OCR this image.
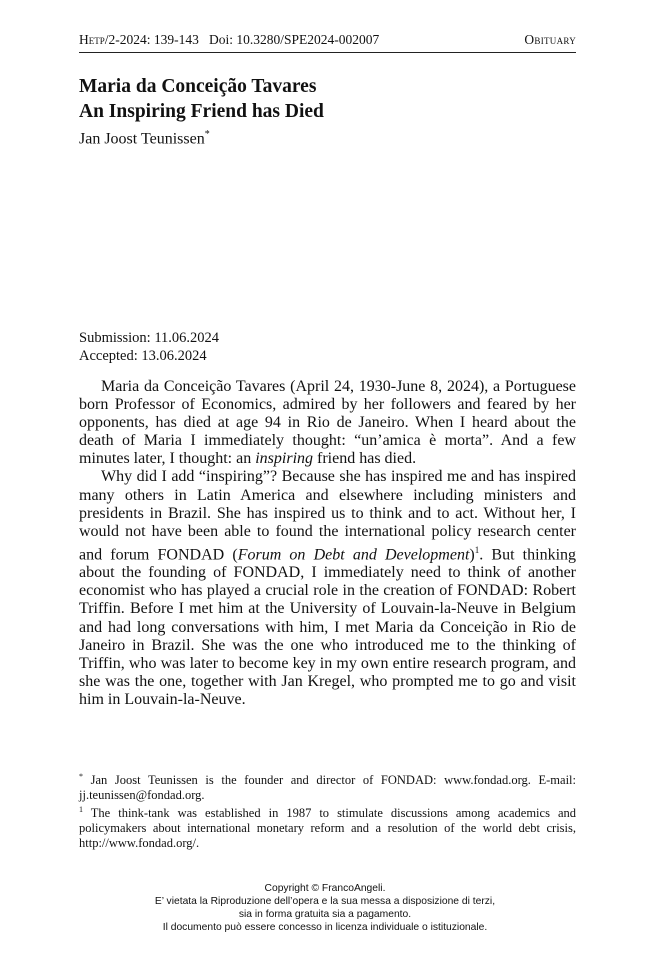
Hetp/2-2024: 139-143   Doi: 10.3280/SPE2024-002007	Obituary
Maria da Conceição Tavares
An Inspiring Friend has Died
Jan Joost Teunissen*
Submission: 11.06.2024
Accepted: 13.06.2024

Maria da Conceição Tavares (April 24, 1930-June 8, 2024), a Portuguese born Professor of Economics, admired by her followers and feared by her opponents, has died at age 94 in Rio de Janeiro. When I heard about the death of Maria I immediately thought: “un’amica è morta”. And a few minutes later, I thought: an inspiring friend has died.

Why did I add “inspiring”? Because she has inspired me and has inspired many others in Latin America and elsewhere including ministers and presidents in Brazil. She has inspired us to think and to act. Without her, I would not have been able to found the international policy research center and forum FONDAD (Forum on Debt and Development)$^1$. But thinking about the founding of FONDAD, I immediately need to think of another economist who has played a crucial role in the creation of FONDAD: Robert Triffin. Before I met him at the University of Louvain-la-Neuve in Belgium and had long conversations with him, I met Maria da Conceição in Rio de Janeiro in Brazil. She was the one who introduced me to the thinking of Triffin, who was later to become key in my own entire research program, and she was the one, together with Jan Kregel, who prompted me to go and visit him in Louvain-la-Neuve.

* Jan Joost Teunissen is the founder and director of FONDAD: www.fondad.org. E-mail: jj.teunissen@fondad.org.

$^1$ The think-tank was established in 1987 to stimulate discussions among academics and policymakers about international monetary reform and a resolution of the world debt crisis, http://www.fondad.org/.

Copyright © FrancoAngeli.
E’ vietata la Riproduzione dell’opera e la sua messa a disposizione di terzi,
sia in forma gratuita sia a pagamento.
Il documento può essere concesso in licenza individuale o istituzionale.
